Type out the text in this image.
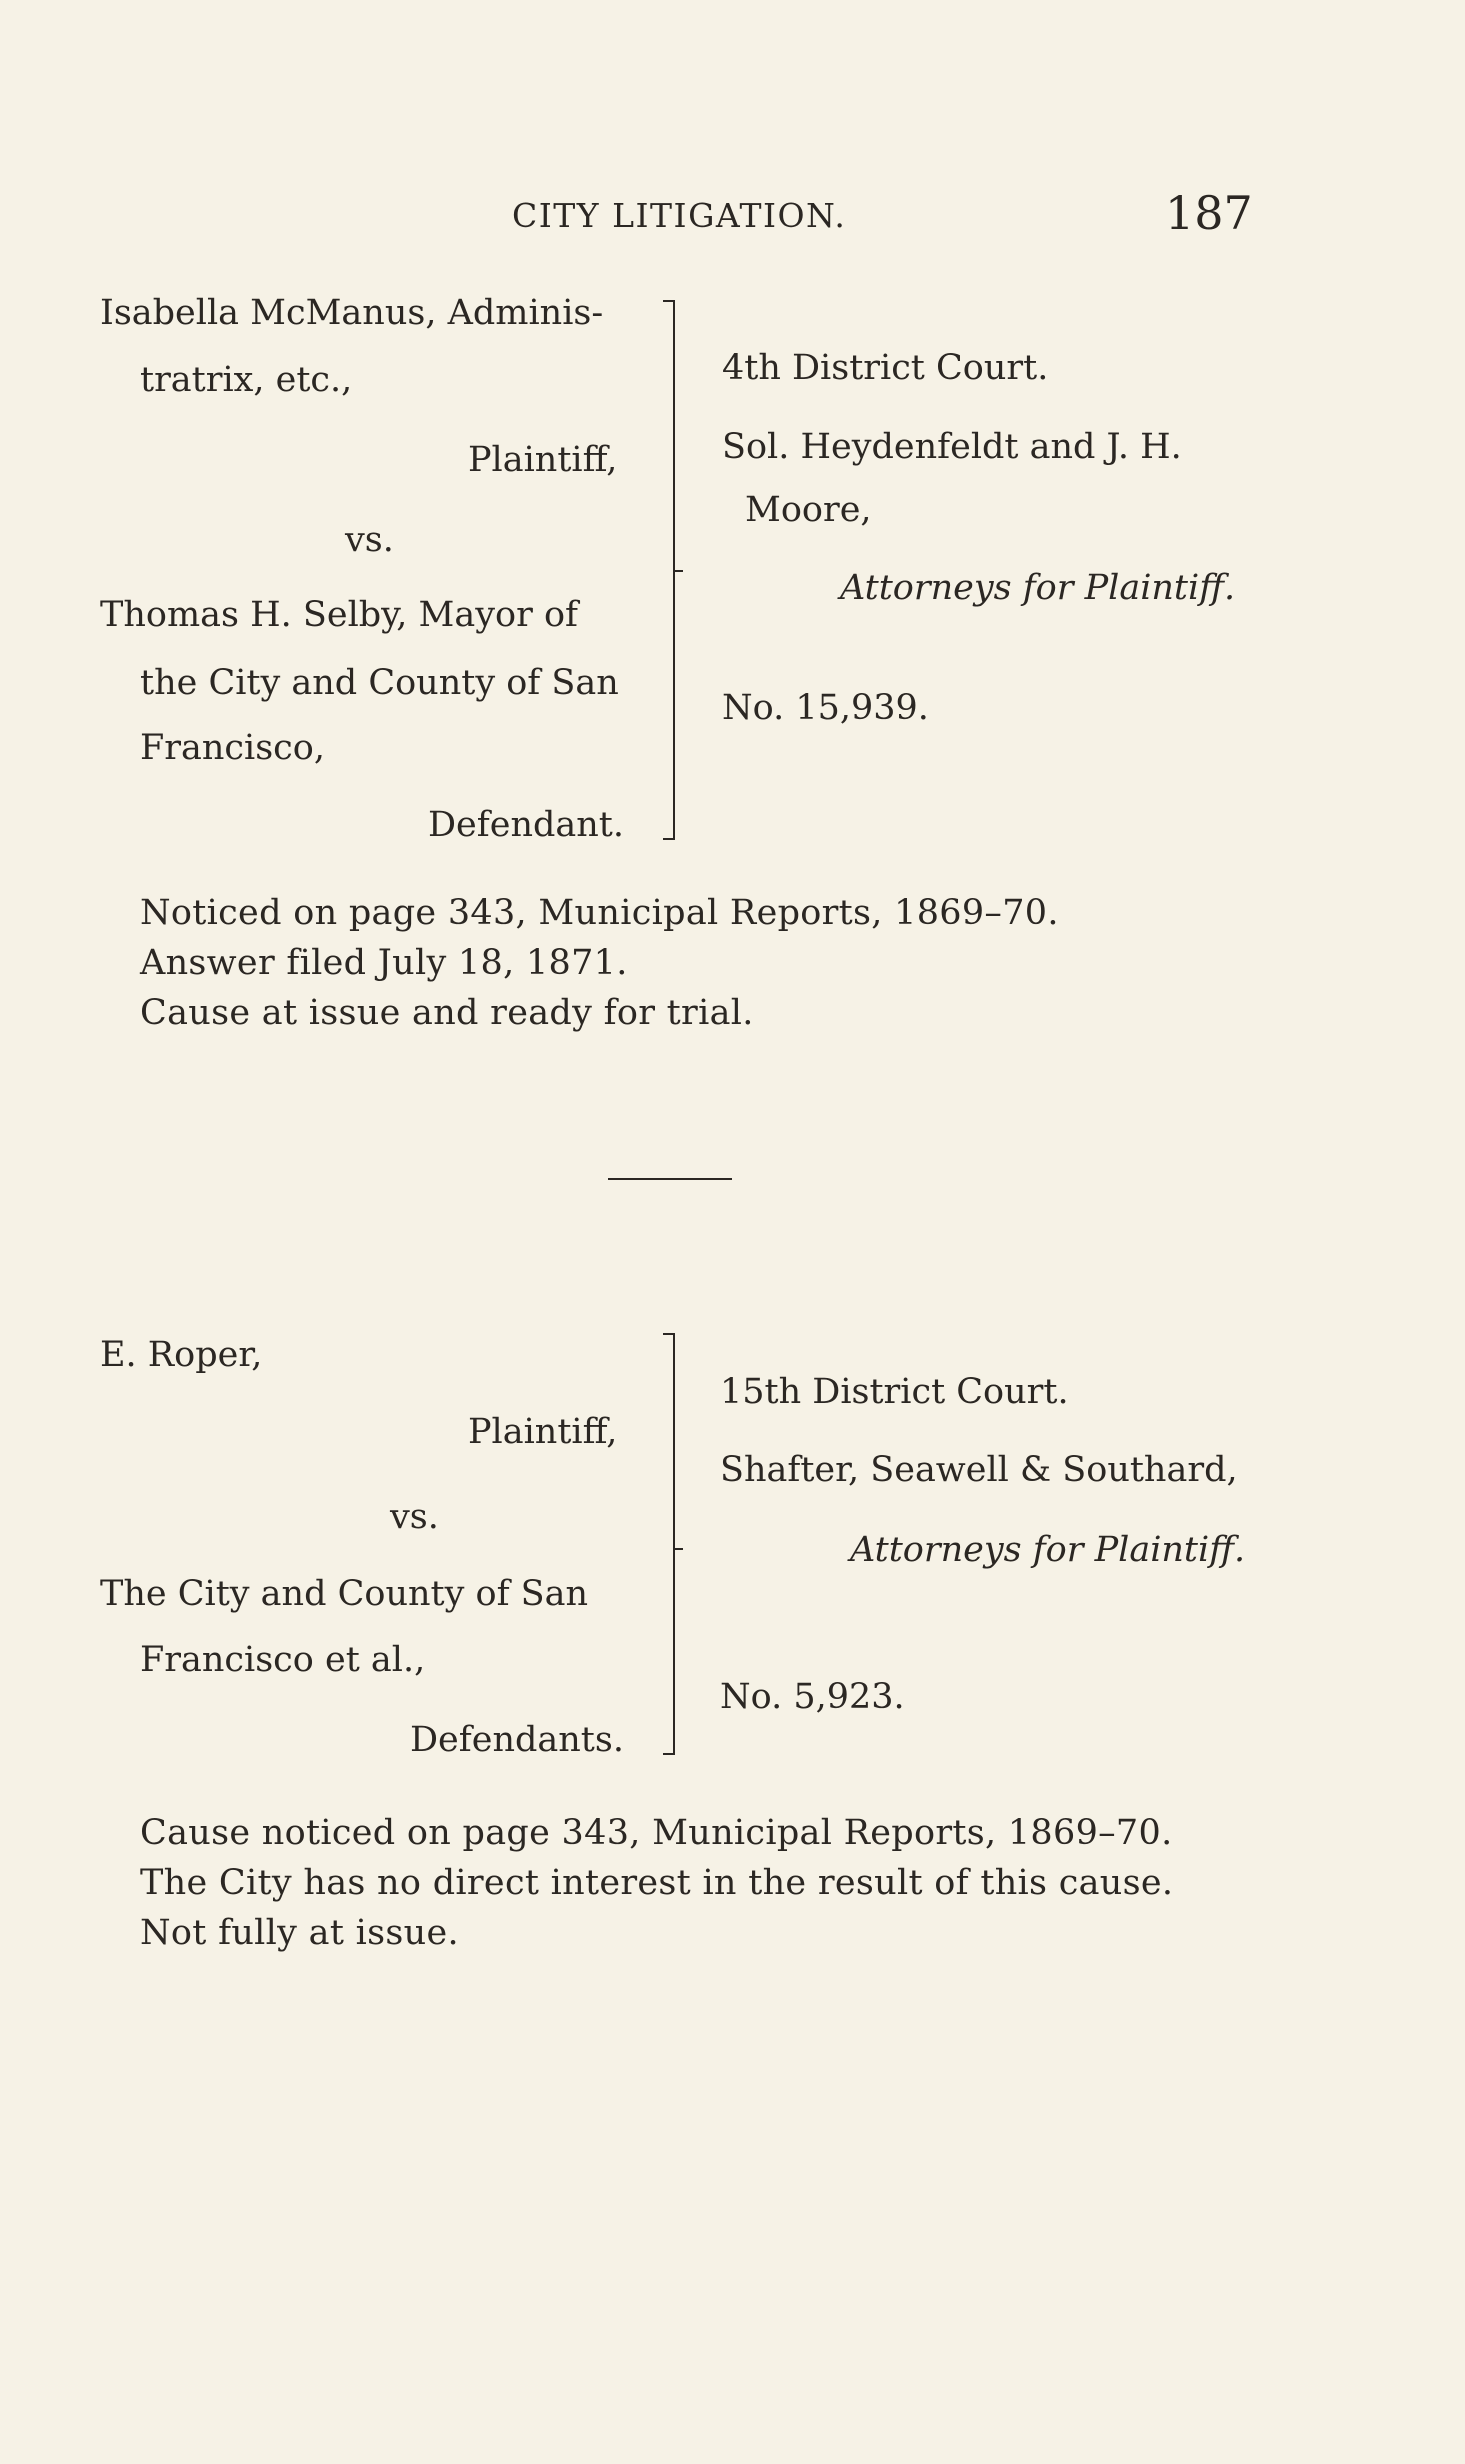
CITY LITIGATION.	187
Isabella McManus, Adminis-
tratrix, etc.,
Plaintiff,
vs.
Thomas H. Selby, Mayor of
the City and County of San
Francisco,
Defendant.
4th District Court.
Sol. Heydenfeldt and J. H.
Moore,
Attorneys for Plaintiff.
No. 15,939.
Noticed on page 343, Municipal Reports, 1869–70.
Answer filed July 18, 1871.
Cause at issue and ready for trial.
E. Roper,
Plaintiff,
vs.
The City and County of San
Francisco et al.,
Defendants.
15th District Court.
Shafter, Seawell & Southard,
Attorneys for Plaintiff.
No. 5,923.
Cause noticed on page 343, Municipal Reports, 1869–70.
The City has no direct interest in the result of this cause.
Not fully at issue.
